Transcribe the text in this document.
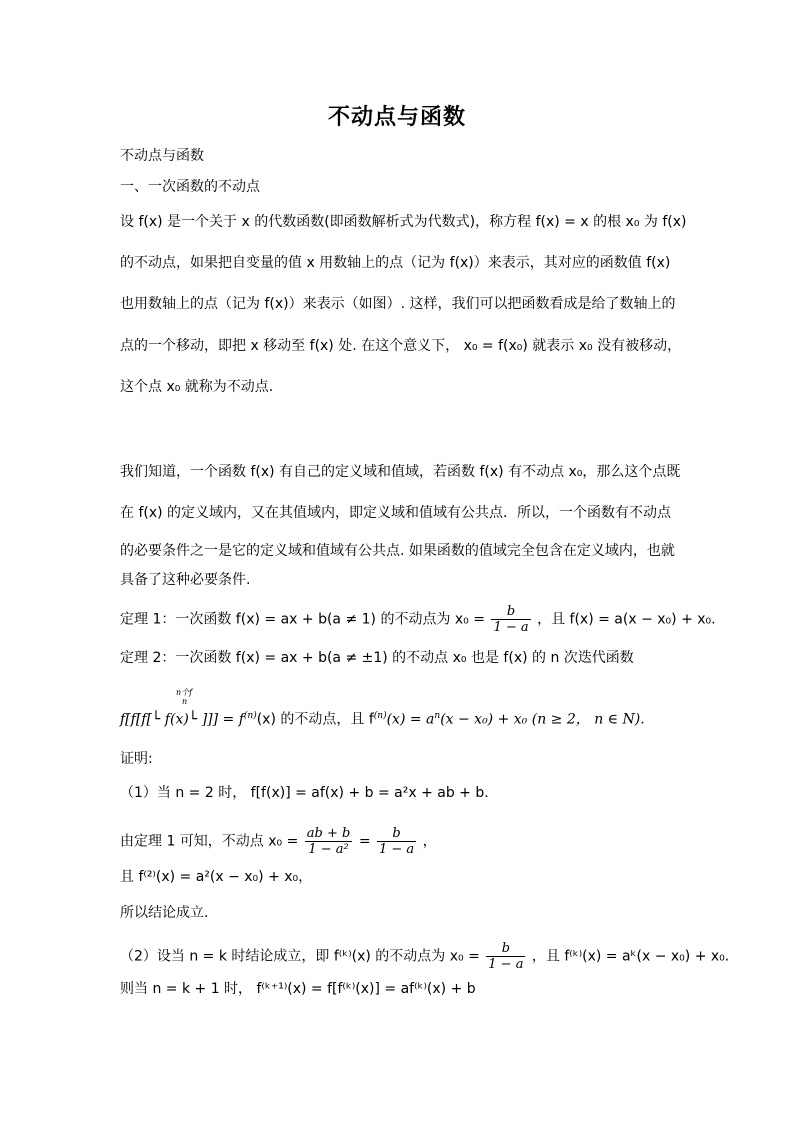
不动点与函数
不动点与函数
一、一次函数的不动点
设 f(x) 是一个关于 x 的代数函数(即函数解析式为代数式)，称方程 f(x) = x 的根 x₀ 为 f(x)
的不动点，如果把自变量的值 x 用数轴上的点（记为 f(x)）来表示，其对应的函数值 f(x)
也用数轴上的点（记为 f(x)）来表示（如图）. 这样，我们可以把函数看成是给了数轴上的
点的一个移动，即把 x 移动至 f(x) 处. 在这个意义下， x₀ = f(x₀) 就表示 x₀ 没有被移动，
这个点 x₀ 就称为不动点.
我们知道，一个函数 f(x) 有自己的定义域和值域，若函数 f(x) 有不动点 x₀，那么这个点既
在 f(x) 的定义域内，又在其值域内，即定义域和值域有公共点．所以，一个函数有不动点
的必要条件之一是它的定义域和值域有公共点. 如果函数的值域完全包含在定义域内，也就
具备了这种必要条件.
定理 1：一次函数 f(x) = ax + b(a ≠ 1) 的不动点为 $x_0 = \frac{b}{1 - a}$ ，且 f(x) = a(x − x₀) + x₀.
定理 2：一次函数 f(x) = ax + b(a ≠ ±1) 的不动点 x₀ 也是 f(x) 的 n 次迭代函数
n个f
n
f[f[f[└ f(x)└ ]]] = $f^{(n)}(x)$ 的不动点，且 $f^{(n)}(x) = a^n(x - x_0) + x_0$ (n ≥ 2， n ∈ N).
证明:
（1）当 n = 2 时， f[f(x)] = af(x) + b = a²x + ab + b.
由定理 1 可知，不动点 $x_0 = \frac{ab + b}{\text{1 − a²}} = \frac{b}{1 - a}$ ，
且 f⁽²⁾(x) = a²(x − x₀) + x₀，
所以结论成立.
（2）设当 n = k 时结论成立，即 f⁽ᵏ⁾(x) 的不动点为 $x_0 = \frac{b}{1 - a}$ ，且 f⁽ᵏ⁾(x) = aᵏ(x − x₀) + x₀.
则当 n = k + 1 时， f⁽ᵏ⁺¹⁾(x) = f[f⁽ᵏ⁾(x)] = af⁽ᵏ⁾(x) + b
